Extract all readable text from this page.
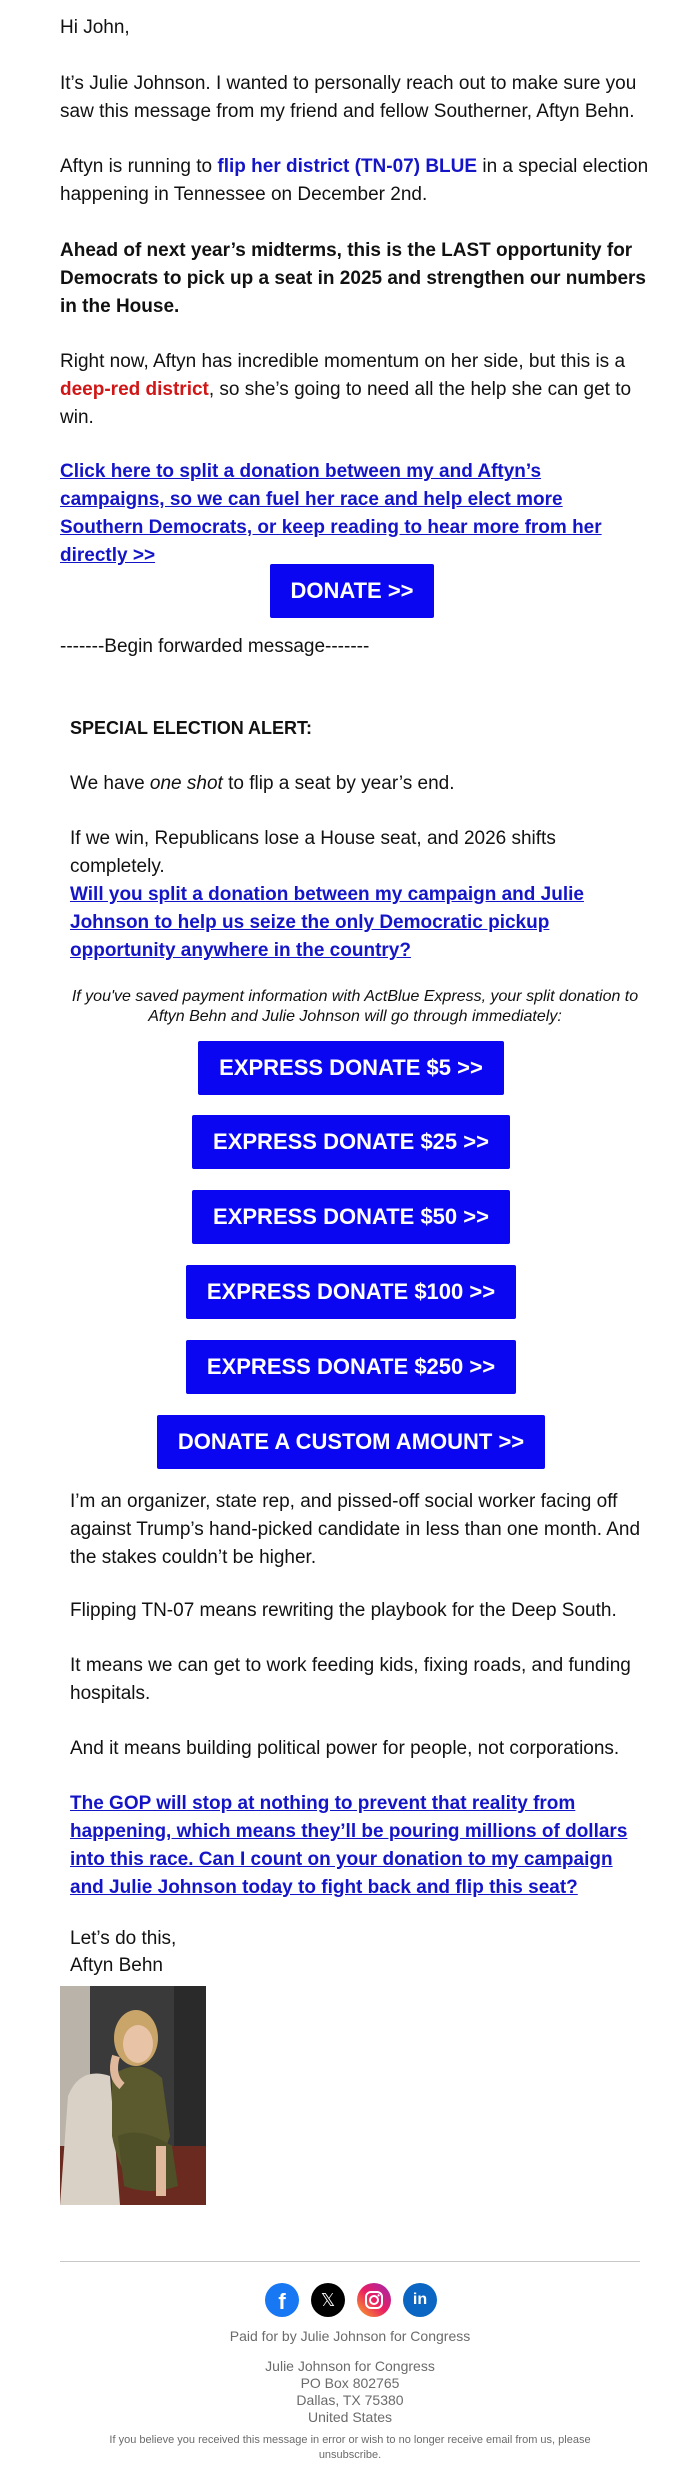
Hi John,

It’s Julie Johnson. I wanted to personally reach out to make sure you saw this message from my friend and fellow Southerner, Aftyn Behn.

Aftyn is running to flip her district (TN-07) BLUE in a special election happening in Tennessee on December 2nd.

Ahead of next year’s midterms, this is the LAST opportunity for Democrats to pick up a seat in 2025 and strengthen our numbers in the House.

Right now, Aftyn has incredible momentum on her side, but this is a deep-red district, so she’s going to need all the help she can get to win.

Click here to split a donation between my and Aftyn’s campaigns, so we can fuel her race and help elect more Southern Democrats, or keep reading to hear more from her directly >>

DONATE >>

-------Begin forwarded message-------

SPECIAL ELECTION ALERT:

We have one shot to flip a seat by year’s end.

If we win, Republicans lose a House seat, and 2026 shifts completely.

Will you split a donation between my campaign and Julie Johnson to help us seize the only Democratic pickup opportunity anywhere in the country?

If you've saved payment information with ActBlue Express, your split donation to Aftyn Behn and Julie Johnson will go through immediately:
EXPRESS DONATE $5 >>
EXPRESS DONATE $25 >>
EXPRESS DONATE $50 >>
EXPRESS DONATE $100 >>
EXPRESS DONATE $250 >>
DONATE A CUSTOM AMOUNT >>

I’m an organizer, state rep, and pissed-off social worker facing off against Trump’s hand-picked candidate in less than one month. And the stakes couldn’t be higher.

Flipping TN-07 means rewriting the playbook for the Deep South.

It means we can get to work feeding kids, fixing roads, and funding hospitals.

And it means building political power for people, not corporations.

The GOP will stop at nothing to prevent that reality from happening, which means they’ll be pouring millions of dollars into this race. Can I count on your donation to my campaign and Julie Johnson today to fight back and flip this seat?

Let’s do this,

Aftyn Behn

f 𝕏	in
Paid for by Julie Johnson for Congress
Julie Johnson for Congress
PO Box 802765
Dallas, TX 75380
United States
If you believe you received this message in error or wish to no longer receive email from us, please unsubscribe.
